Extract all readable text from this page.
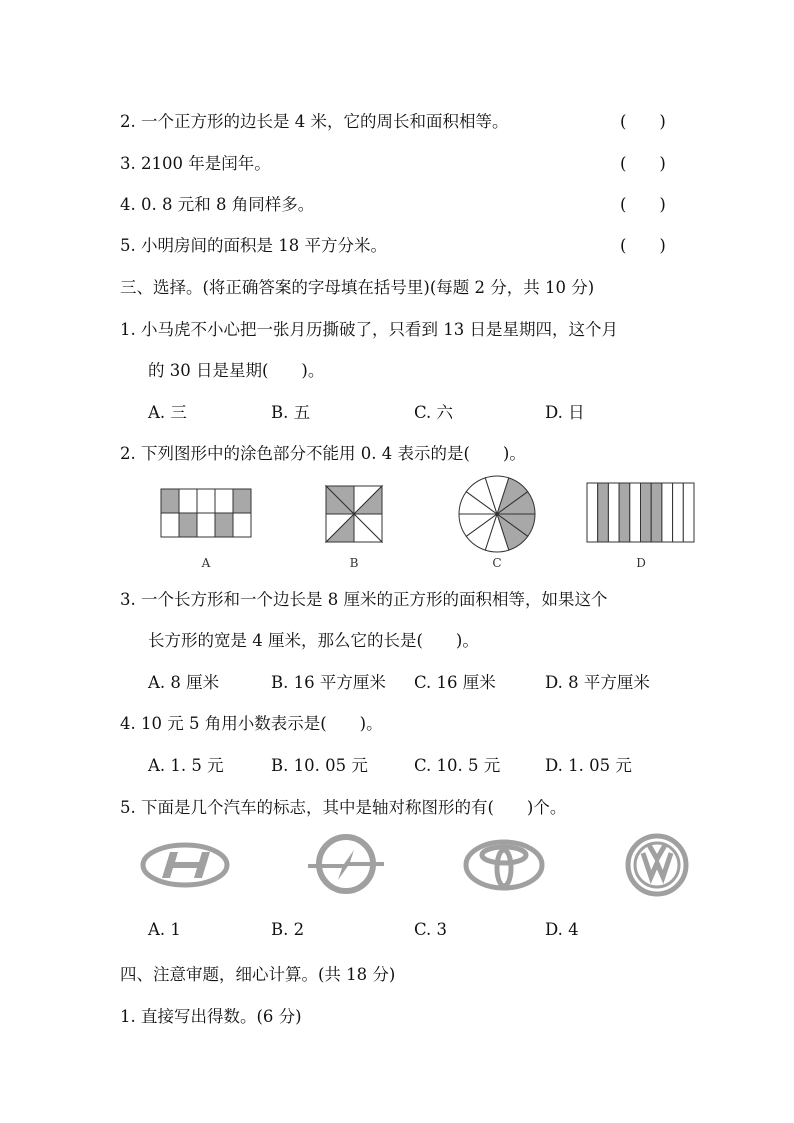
2. 一个正方形的边长是 4 米，它的周长和面积相等。	(　　)
3. 2100 年是闰年。	(　　)
4. 0. 8 元和 8 角同样多。	(　　)
5. 小明房间的面积是 18 平方分米。	(　　)
三、选择。(将正确答案的字母填在括号里)(每题 2 分，共 10 分)
1. 小马虎不小心把一张月历撕破了，只看到 13 日是星期四，这个月
的 30 日是星期(　　)。
A. 三	B. 五	C. 六	D. 日
2. 下列图形中的涂色部分不能用 0. 4 表示的是(　　)。
A	B	C	D
3. 一个长方形和一个边长是 8 厘米的正方形的面积相等，如果这个
长方形的宽是 4 厘米，那么它的长是(　　)。
A. 8 厘米	B. 16 平方厘米 C. 16 厘米	D. 8 平方厘米
4. 10 元 5 角用小数表示是(　　)。
A. 1. 5 元	B. 10. 05 元	C. 10. 5 元	D. 1. 05 元
5. 下面是几个汽车的标志，其中是轴对称图形的有(　　)个。
A. 1	B. 2	C. 3	D. 4
四、注意审题，细心计算。(共 18 分)
1. 直接写出得数。(6 分)
